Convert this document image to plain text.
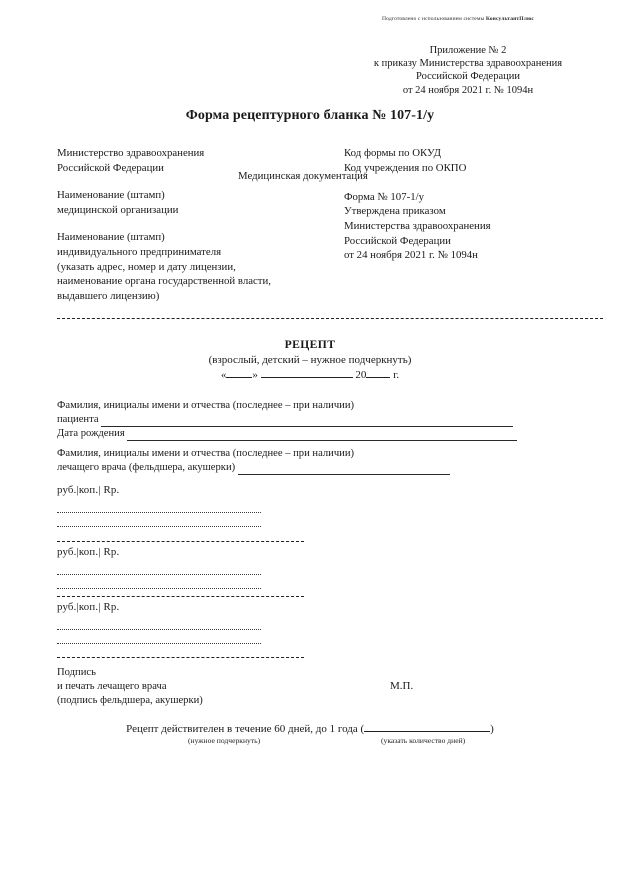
Подготовлено с использованием системы КонсультантПлюс
Приложение № 2
к приказу Министерства здравоохранения
Российской Федерации
от 24 ноября 2021 г. № 1094н
Форма рецептурного бланка № 107-1/у
Министерство здравоохранения
Российской Федерации
Наименование (штамп)
медицинской организации
Наименование (штамп)
индивидуального предпринимателя
(указать адрес, номер и дату лицензии,
наименование органа государственной власти,
выдавшего лицензию)
Медицинская документация
Код формы по ОКУД
Код учреждения по ОКПО
Форма № 107-1/у
Утверждена приказом
Министерства здравоохранения
Российской Федерации
от 24 ноября 2021 г. № 1094н
РЕЦЕПТ
(взрослый, детский – нужное подчеркнуть)
« »	20 г.
Фамилия, инициалы имени и отчества (последнее – при наличии)
пациента
Дата рождения
Фамилия, инициалы имени и отчества (последнее – при наличии)
лечащего врача (фельдшера, акушерки)
руб.|коп.| Rp.
руб.|коп.| Rp.
руб.|коп.| Rp.
Подпись
и печать лечащего врача
(подпись фельдшера, акушерки)
М.П.
Рецепт действителен в течение 60 дней, до 1 года (	)
(нужное подчеркнуть)	(указать количество дней)
